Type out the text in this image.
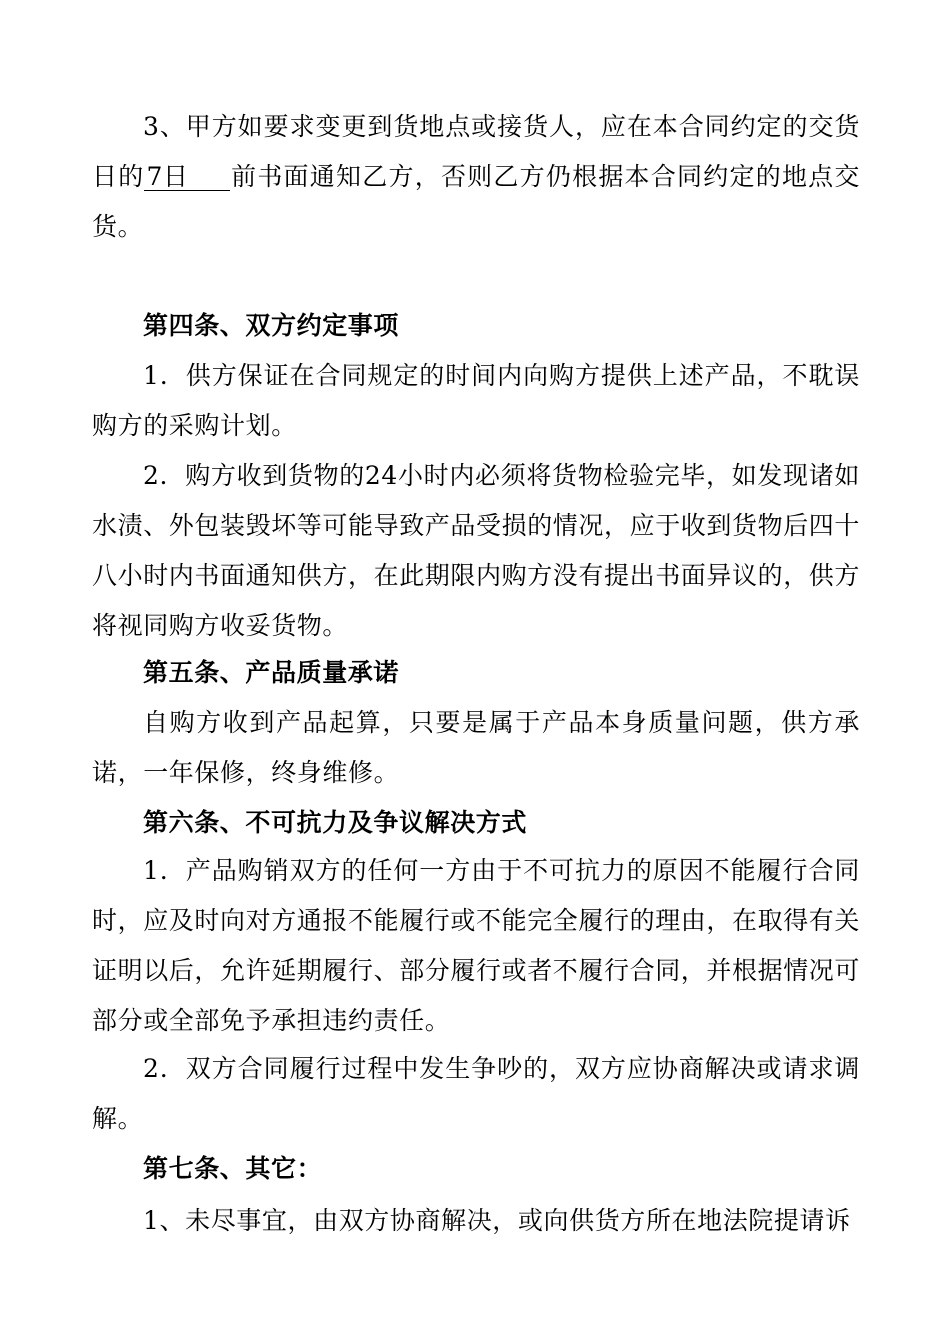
3、甲方如要求变更到货地点或接货人，应在本合同约定的交货日的7日 前书面通知乙方，否则乙方仍根据本合同约定的地点交货。

第四条、双方约定事项

1．供方保证在合同规定的时间内向购方提供上述产品，不耽误购方的采购计划。

2．购方收到货物的24小时内必须将货物检验完毕，如发现诸如水渍、外包装毁坏等可能导致产品受损的情况，应于收到货物后四十八小时内书面通知供方，在此期限内购方没有提出书面异议的，供方将视同购方收妥货物。

第五条、产品质量承诺

自购方收到产品起算，只要是属于产品本身质量问题，供方承诺，一年保修，终身维修。

第六条、不可抗力及争议解决方式

1．产品购销双方的任何一方由于不可抗力的原因不能履行合同时，应及时向对方通报不能履行或不能完全履行的理由，在取得有关证明以后，允许延期履行、部分履行或者不履行合同，并根据情况可部分或全部免予承担违约责任。

2．双方合同履行过程中发生争吵的，双方应协商解决或请求调解。

第七条、其它：

1、未尽事宜，由双方协商解决，或向供货方所在地法院提请诉
